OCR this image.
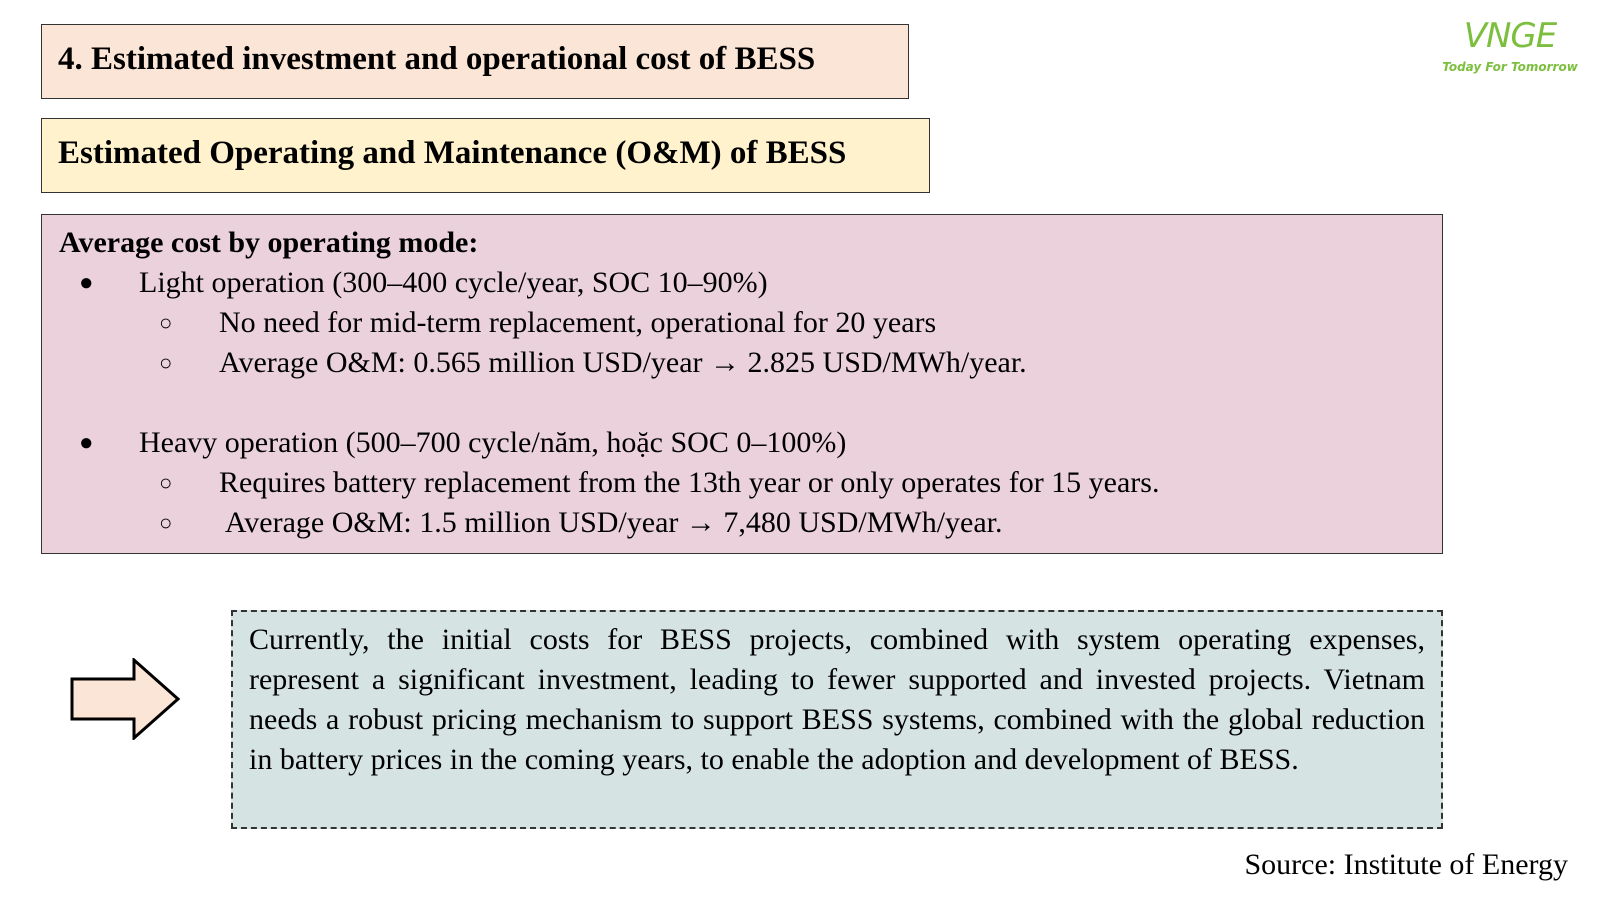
4. Estimated investment and operational cost of BESS
VNGE
Today For Tomorrow
Estimated Operating and Maintenance (O&M) of BESS
Average cost by operating mode:
● Light operation (300–400 cycle/year, SOC 10–90%)
○ No need for mid-term replacement, operational for 20 years
○ Average O&M: 0.565 million USD/year → 2.825 USD/MWh/year.
● Heavy operation (500–700 cycle/năm, hoặc SOC 0–100%)
○ Requires battery replacement from the 13th year or only operates for 15 years.
○ Average O&M: 1.5 million USD/year → 7,480 USD/MWh/year.
Currently, the initial costs for BESS projects, combined with system operating expenses, represent a significant investment, leading to fewer supported and invested projects. Vietnam needs a robust pricing mechanism to support BESS systems, combined with the global reduction in battery prices in the coming years, to enable the adoption and development of BESS.
Source: Institute of Energy
